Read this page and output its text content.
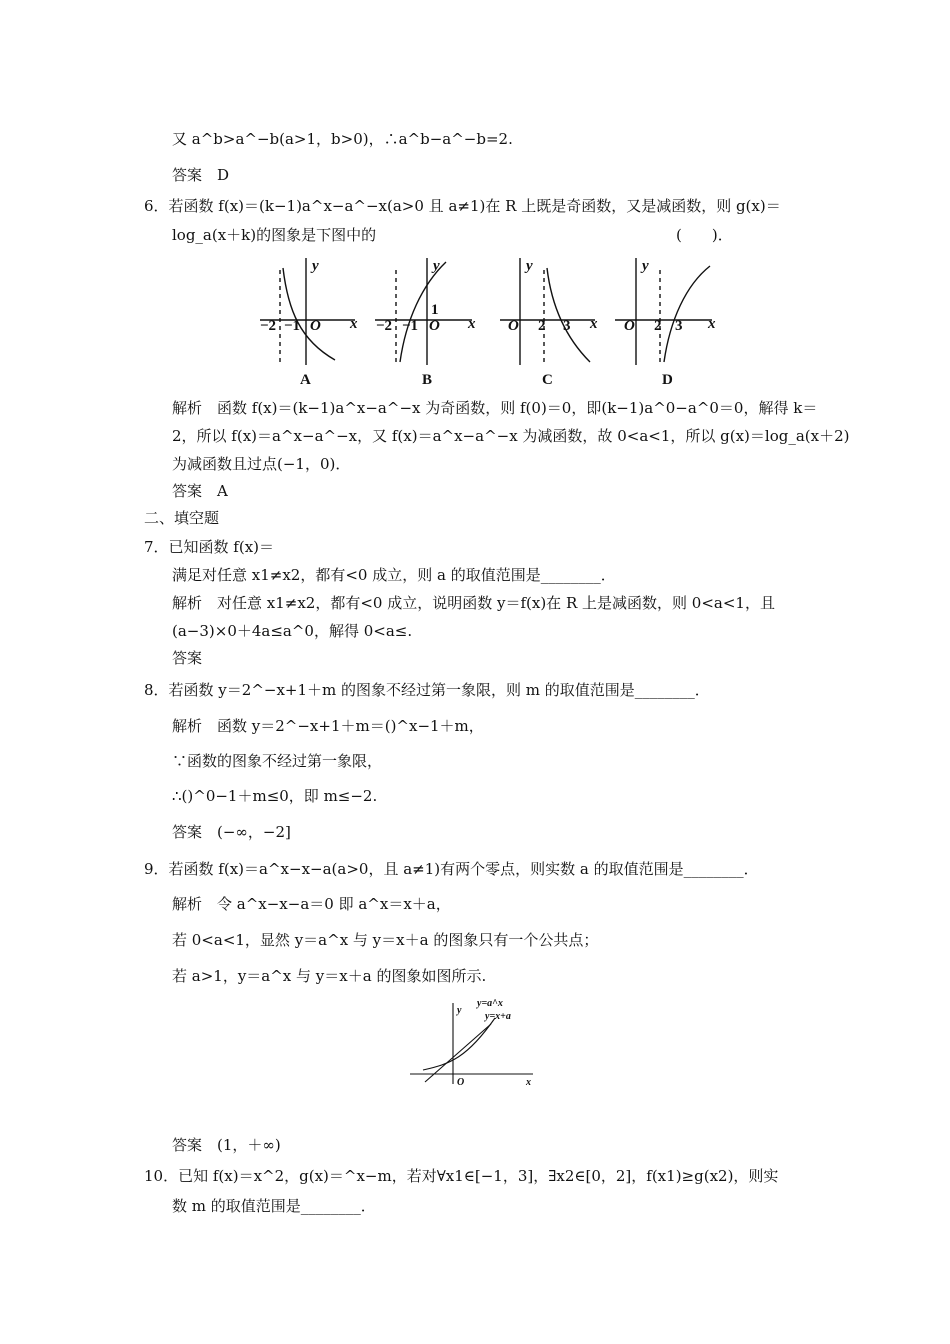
又 a^b>a^−b(a>1，b>0)，∴a^b−a^−b=2.
答案　D
6．若函数 f(x)＝(k−1)a^x−a^−x(a>0 且 a≠1)在 R 上既是奇函数，又是减函数，则 g(x)＝
log_a(x＋k)的图象是下图中的	(　　)．
y
x
O
y
x
O
y
x
O
y
x
O
−2 −1	−2 −1
1
2 3	2 3
A	B	C	D
解析　函数 f(x)＝(k−1)a^x−a^−x 为奇函数，则 f(0)＝0，即(k−1)a^0−a^0＝0，解得 k＝
2，所以 f(x)＝a^x−a^−x，又 f(x)＝a^x−a^−x 为减函数，故 0<a<1，所以 g(x)＝log_a(x＋2)
为减函数且过点(−1，0)．
答案　A
二、填空题
7．已知函数 f(x)＝
满足对任意 x1≠x2，都有<0 成立，则 a 的取值范围是________．
解析　对任意 x1≠x2，都有<0 成立，说明函数 y＝f(x)在 R 上是减函数，则 0<a<1，且
(a−3)×0＋4a≤a^0，解得 0<a≤.
答案
8．若函数 y＝2^−x+1＋m 的图象不经过第一象限，则 m 的取值范围是________．
解析　函数 y＝2^−x+1＋m＝()^x−1＋m，
∵函数的图象不经过第一象限，
∴()^0−1＋m≤0，即 m≤−2.
答案　(−∞，−2]
9．若函数 f(x)＝a^x−x−a(a>0，且 a≠1)有两个零点，则实数 a 的取值范围是________．
解析　令 a^x−x−a＝0 即 a^x＝x＋a，
若 0<a<1，显然 y＝a^x 与 y＝x＋a 的图象只有一个公共点；
若 a>1，y＝a^x 与 y＝x＋a 的图象如图所示.
y
x
O
y=a^x
y=x+a
答案　(1，＋∞)
10．已知 f(x)＝x^2，g(x)＝^x−m，若对∀x1∈[−1，3]，∃x2∈[0，2]，f(x1)≥g(x2)，则实
数 m 的取值范围是________．
